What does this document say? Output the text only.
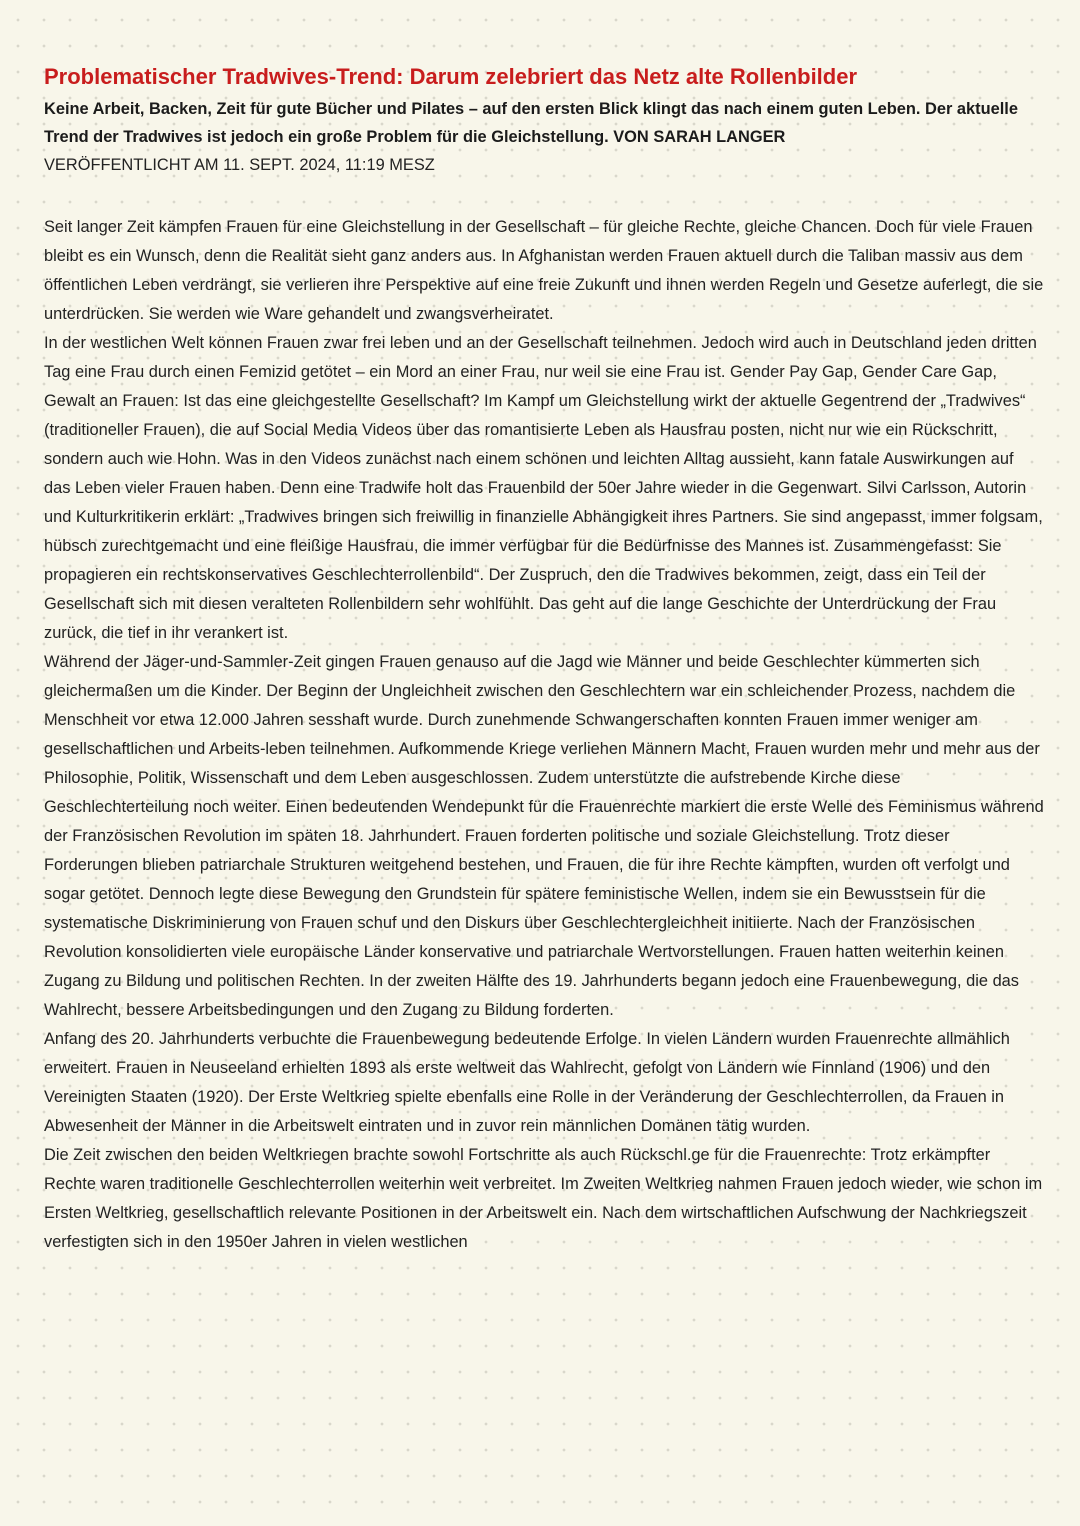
Problematischer Tradwives-Trend: Darum zelebriert das Netz alte Rollenbilder

Keine Arbeit, Backen, Zeit für gute Bücher und Pilates – auf den ersten Blick klingt das nach einem guten Leben. Der aktuelle Trend der Tradwives ist jedoch ein große Problem für die Gleichstellung. VON SARAH LANGER

VERÖFFENTLICHT AM 11. SEPT. 2024, 11:19 MESZ

Seit langer Zeit kämpfen Frauen für eine Gleichstellung in der Gesellschaft – für gleiche Rechte, gleiche Chancen. Doch für viele Frauen bleibt es ein Wunsch, denn die Realität sieht ganz anders aus. In Afghanistan werden Frauen aktuell durch die Taliban massiv aus dem öffentlichen Leben verdrängt, sie verlieren ihre Perspektive auf eine freie Zukunft und ihnen werden Regeln und Gesetze auferlegt, die sie unterdrücken. Sie werden wie Ware gehandelt und zwangsverheiratet.

In der westlichen Welt können Frauen zwar frei leben und an der Gesellschaft teilnehmen. Jedoch wird auch in Deutschland jeden dritten Tag eine Frau durch einen Femizid getötet – ein Mord an einer Frau, nur weil sie eine Frau ist. Gender Pay Gap, Gender Care Gap, Gewalt an Frauen: Ist das eine gleichgestellte Gesellschaft? Im Kampf um Gleichstellung wirkt der aktuelle Gegentrend der „Tradwives“ (traditioneller Frauen), die auf Social Media Videos über das romantisierte Leben als Hausfrau posten, nicht nur wie ein Rückschritt, sondern auch wie Hohn. Was in den Videos zunächst nach einem schönen und leichten Alltag aussieht, kann fatale Auswirkungen auf das Leben vieler Frauen haben. Denn eine Tradwife holt das Frauenbild der 50er Jahre wieder in die Gegenwart. Silvi Carlsson, Autorin und Kulturkritikerin erklärt: „Tradwives bringen sich freiwillig in finanzielle Abhängigkeit ihres Partners. Sie sind angepasst, immer folgsam, hübsch zurechtgemacht und eine fleißige Hausfrau, die immer verfügbar für die Bedürfnisse des Mannes ist. Zusammengefasst: Sie propagieren ein rechtskonservatives Geschlechterrollenbild“. Der Zuspruch, den die Tradwives bekommen, zeigt, dass ein Teil der Gesellschaft sich mit diesen veralteten Rollenbildern sehr wohlfühlt. Das geht auf die lange Geschichte der Unterdrückung der Frau zurück, die tief in ihr verankert ist.

Während der Jäger-und-Sammler-Zeit gingen Frauen genauso auf die Jagd wie Männer und beide Geschlechter kümmerten sich gleichermaßen um die Kinder. Der Beginn der Ungleichheit zwischen den Geschlechtern war ein schleichender Prozess, nachdem die Menschheit vor etwa 12.000 Jahren sesshaft wurde. Durch zunehmende Schwangerschaften konnten Frauen immer weniger am gesellschaftlichen und Arbeits-leben teilnehmen. Aufkommende Kriege verliehen Männern Macht, Frauen wurden mehr und mehr aus der Philosophie, Politik, Wissenschaft und dem Leben ausgeschlossen. Zudem unterstützte die aufstrebende Kirche diese Geschlechterteilung noch weiter. Einen bedeutenden Wendepunkt für die Frauenrechte markiert die erste Welle des Feminismus während der Französischen Revolution im späten 18. Jahrhundert. Frauen forderten politische und soziale Gleichstellung. Trotz dieser Forderungen blieben patriarchale Strukturen weitgehend bestehen, und Frauen, die für ihre Rechte kämpften, wurden oft verfolgt und sogar getötet. Dennoch legte diese Bewegung den Grundstein für spätere feministische Wellen, indem sie ein Bewusstsein für die systematische Diskriminierung von Frauen schuf und den Diskurs über Geschlechtergleichheit initiierte. Nach der Französischen Revolution konsolidierten viele europäische Länder konservative und patriarchale Wertvorstellungen. Frauen hatten weiterhin keinen Zugang zu Bildung und politischen Rechten. In der zweiten Hälfte des 19. Jahrhunderts begann jedoch eine Frauenbewegung, die das Wahlrecht, bessere Arbeitsbedingungen und den Zugang zu Bildung forderten.

Anfang des 20. Jahrhunderts verbuchte die Frauenbewegung bedeutende Erfolge. In vielen Ländern wurden Frauenrechte allmählich erweitert. Frauen in Neuseeland erhielten 1893 als erste weltweit das Wahlrecht, gefolgt von Ländern wie Finnland (1906) und den Vereinigten Staaten (1920). Der Erste Weltkrieg spielte ebenfalls eine Rolle in der Veränderung der Geschlechterrollen, da Frauen in Abwesenheit der Männer in die Arbeitswelt eintraten und in zuvor rein männlichen Domänen tätig wurden.

Die Zeit zwischen den beiden Weltkriegen brachte sowohl Fortschritte als auch Rückschl.ge für die Frauenrechte: Trotz erkämpfter Rechte waren traditionelle Geschlechterrollen weiterhin weit verbreitet. Im Zweiten Weltkrieg nahmen Frauen jedoch wieder, wie schon im Ersten Weltkrieg, gesellschaftlich relevante Positionen in der Arbeitswelt ein. Nach dem wirtschaftlichen Aufschwung der Nachkriegszeit verfestigten sich in den 1950er Jahren in vielen westlichen
